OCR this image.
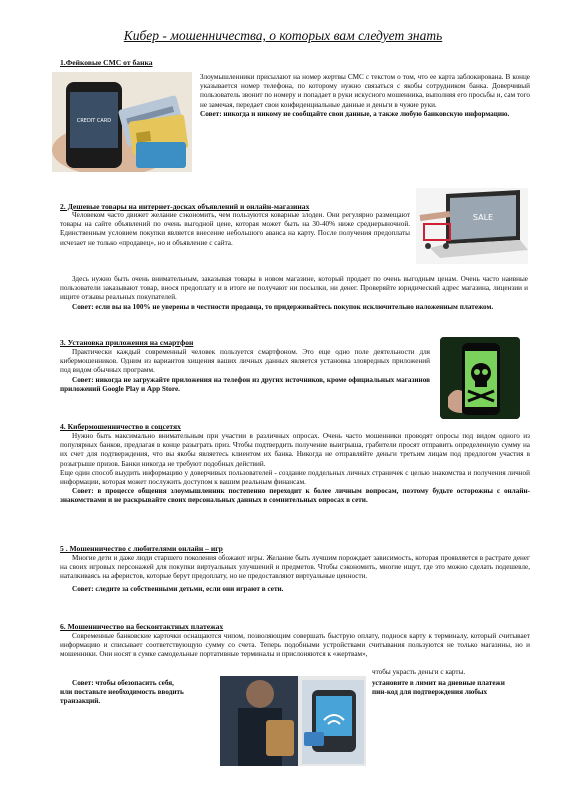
Кибер - мошенничества, о которых вам следует знать
1.Фейковые СМС от банка
CREDIT CARD
Злоумышленники присылают на номер жертвы СМС с текстом о том, что ее карта заблокирована. В конце указывается номер телефона, по которому нужно связаться с якобы сотрудником банка. Доверчивый пользователь звонит по номеру и попадает в руки искусного мошенника, выполняя его просьбы и, сам того не замечая, передает свои конфиденциальные данные и деньги в чужие руки.
Совет: никогда и никому не сообщайте свои данные, а также любую банковскую информацию.
2. Дешевые товары на интернет-досках объявлений и онлайн-магазинах
Человеком часто движет желание сэкономить, чем пользуются коварные злодеи. Они регулярно размещают товары на сайте объявлений по очень выгодной цене, которая может быть на 30-40% ниже среднерыночной. Единственным условием покупки является внесение небольшого аванса на карту. После получения предоплаты исчезает не только «продавец», но и объявление с сайта.
SALE
Здесь нужно быть очень внимательным, заказывая товары в новом магазине, который продает по очень выгодным ценам. Очень часто наивные пользователи заказывают товар, внося предоплату и в итоге не получают ни посылки, ни денег. Проверяйте юридический адрес магазина, лицензии и ищите отзывы реальных покупателей.
Совет: если вы на 100% не уверены в честности продавца, то придерживайтесь покупок исключительно наложенным платежом.
3. Установка приложения на смартфон
Практически каждый современный человек пользуется смартфоном. Это еще одно поле деятельности для кибермошенников. Одним из вариантов хищения ваших личных данных является установка зловредных приложений под видом обычных программ.
Совет: никогда не загружайте приложения на телефон из других источников, кроме официальных магазинов приложений Google Play и App Store.
4. Кибермошенничество в соцсетях
Нужно быть максимально внимательным при участии в различных опросах. Очень часто мошенники проводят опросы под видом одного из популярных банков, предлагая в конце разыграть приз. Чтобы подтвердить получение выигрыша, грабители просят отправить определенную сумму на их счет для подтверждения, что вы якобы являетесь клиентом их банка. Никогда не отправляйте деньги третьим лицам под предлогом участия в розыгрыше призов. Банки никогда не требуют подобных действий.
Еще один способ выудить информацию у доверчивых пользователей - создание поддельных личных страничек с целью знакомства и получения личной информации, которая может послужить доступом к вашим реальным финансам.
Совет: в процессе общения злоумышленник постепенно переходит к более личным вопросам, поэтому будьте осторожны с онлайн-знакомствами и не раскрывайте своих персональных данных в сомнительных опросах в сети.
5 . Мошенничество с любителями онлайн – игр
Многие дети и даже люди старшего поколения обожают игры. Желание быть лучшим порождает зависимость, которая проявляется в растрате денег на своих игровых персонажей для покупки виртуальных улучшений и предметов. Чтобы сэкономить, многие ищут, где это можно сделать подешевле, наталкиваясь на аферистов, которые берут предоплату, но не предоставляют виртуальные ценности.
Совет: следите за собственными детьми, если они играют в сети.
6. Мошенничество на бесконтактных платежах
Современные банковские карточки оснащаются чипом, позволяющим совершать быструю оплату, поднося карту к терминалу, который считывает информацию и списывает соответствующую сумму со счета. Теперь подобными устройствами считывания пользуются не только магазины, но и мошенники. Они носят в сумке самодельные портативные терминалы и прислоняются к «жертвам»,
чтобы украсть деньги с карты.
Совет: чтобы обезопасить себя,
или поставьте необходимость вводить
транзакций.
установите в лимит на дневные платежи
пин-код для подтверждения любых
